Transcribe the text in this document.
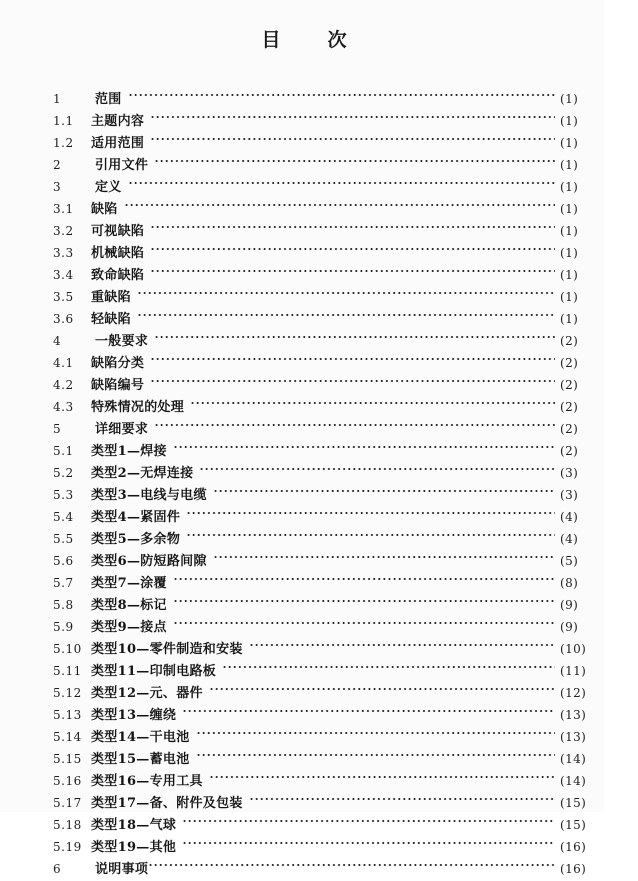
目　次
1	范围	(1)
1.1	主题内容	(1)
1.2	适用范围	(1)
2	引用文件	(1)
3	定义	(1)
3.1	缺陷	(1)
3.2	可视缺陷	(1)
3.3	机械缺陷	(1)
3.4	致命缺陷	(1)
3.5	重缺陷	(1)
3.6	轻缺陷	(1)
4	一般要求	(2)
4.1	缺陷分类	(2)
4.2	缺陷编号	(2)
4.3	特殊情况的处理	(2)
5	详细要求	(2)
5.1	类型1—焊接	(2)
5.2	类型2—无焊连接	(3)
5.3	类型3—电线与电缆	(3)
5.4	类型4—紧固件	(4)
5.5	类型5—多余物	(4)
5.6	类型6—防短路间隙	(5)
5.7	类型7—涂覆	(8)
5.8	类型8—标记	(9)
5.9	类型9—接点	(9)
5.10 类型10—零件制造和安装	(10)
5.11 类型11—印制电路板	(11)
5.12 类型12—元、器件	(12)
5.13 类型13—缠绕	(13)
5.14 类型14—干电池	(13)
5.15 类型15—蓄电池	(14)
5.16 类型16—专用工具	(14)
5.17 类型17—备、附件及包装	(15)
5.18 类型18—气球	(15)
5.19 类型19—其他	(16)
6	说明事项	(16)
